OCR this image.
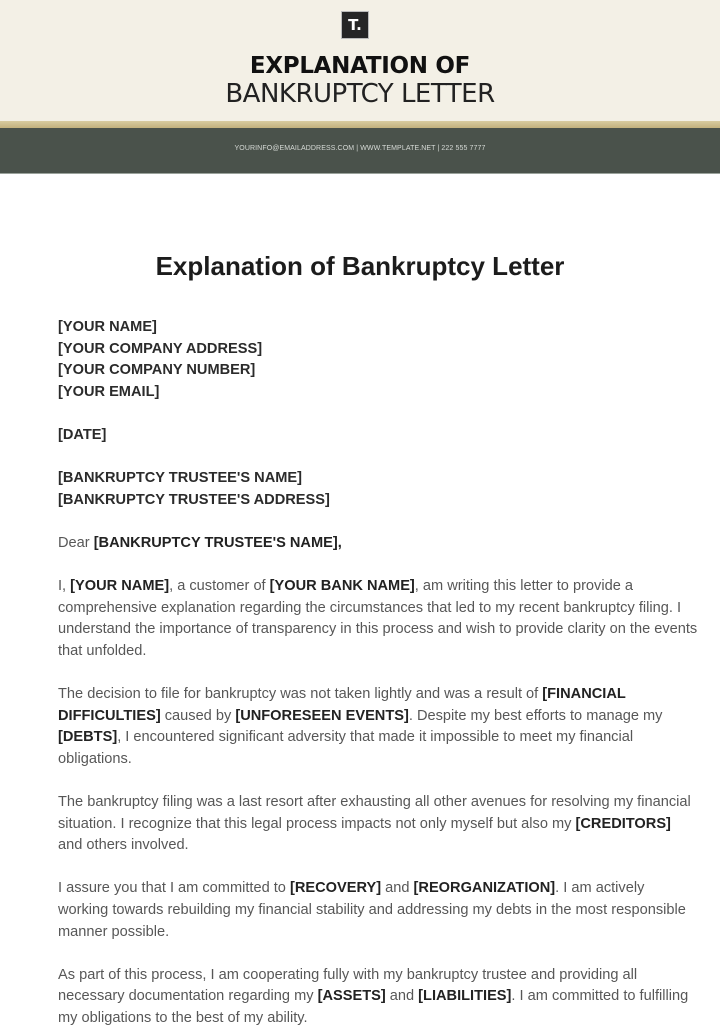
T.
EXPLANATION OF
BANKRUPTCY LETTER
YOURINFO@EMAILADDRESS.COM | WWW.TEMPLATE.NET | 222 555 7777
Explanation of Bankruptcy Letter
[YOUR NAME]
[YOUR COMPANY ADDRESS]
[YOUR COMPANY NUMBER]
[YOUR EMAIL]
[DATE]
[BANKRUPTCY TRUSTEE'S NAME]
[BANKRUPTCY TRUSTEE'S ADDRESS]

Dear [BANKRUPTCY TRUSTEE'S NAME],

I, [YOUR NAME], a customer of [YOUR BANK NAME], am writing this letter to provide a comprehensive explanation regarding the circumstances that led to my recent bankruptcy filing. I understand the importance of transparency in this process and wish to provide clarity on the events that unfolded.

The decision to file for bankruptcy was not taken lightly and was a result of [FINANCIAL DIFFICULTIES] caused by [UNFORESEEN EVENTS]. Despite my best efforts to manage my [DEBTS], I encountered significant adversity that made it impossible to meet my financial obligations.

The bankruptcy filing was a last resort after exhausting all other avenues for resolving my financial situation. I recognize that this legal process impacts not only myself but also my [CREDITORS] and others involved.

I assure you that I am committed to [RECOVERY] and [REORGANIZATION]. I am actively working towards rebuilding my financial stability and addressing my debts in the most responsible manner possible.

As part of this process, I am cooperating fully with my bankruptcy trustee and providing all necessary documentation regarding my [ASSETS] and [LIABILITIES]. I am committed to fulfilling my obligations to the best of my ability.
